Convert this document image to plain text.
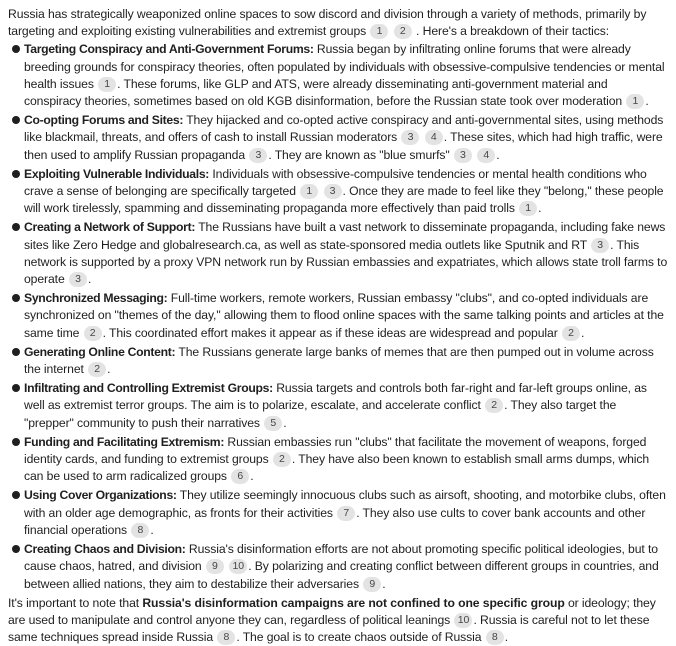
Russia has strategically weaponized online spaces to sow discord and division through a variety of methods, primarily by targeting and exploiting existing vulnerabilities and extremist groups 1 2 . Here's a breakdown of their tactics:

Targeting Conspiracy and Anti-Government Forums: Russia began by infiltrating online forums that were already breeding grounds for conspiracy theories, often populated by individuals with obsessive-compulsive tendencies or mental health issues 1 . These forums, like GLP and ATS, were already disseminating anti-government material and conspiracy theories, sometimes based on old KGB disinformation, before the Russian state took over moderation 1 .
Co-opting Forums and Sites: They hijacked and co-opted active conspiracy and anti-governmental sites, using methods like blackmail, threats, and offers of cash to install Russian moderators 3 4 . These sites, which had high traffic, were then used to amplify Russian propaganda 3 . They are known as "blue smurfs" 3 4 .
Exploiting Vulnerable Individuals: Individuals with obsessive-compulsive tendencies or mental health conditions who crave a sense of belonging are specifically targeted 1 3 . Once they are made to feel like they "belong," these people will work tirelessly, spamming and disseminating propaganda more effectively than paid trolls 1 .
Creating a Network of Support: The Russians have built a vast network to disseminate propaganda, including fake news sites like Zero Hedge and globalresearch.ca, as well as state-sponsored media outlets like Sputnik and RT 3 . This network is supported by a proxy VPN network run by Russian embassies and expatriates, which allows state troll farms to operate 3 .
Synchronized Messaging: Full-time workers, remote workers, Russian embassy "clubs", and co-opted individuals are synchronized on "themes of the day," allowing them to flood online spaces with the same talking points and articles at the same time 2 . This coordinated effort makes it appear as if these ideas are widespread and popular 2 .
Generating Online Content: The Russians generate large banks of memes that are then pumped out in volume across the internet 2 .
Infiltrating and Controlling Extremist Groups: Russia targets and controls both far-right and far-left groups online, as well as extremist terror groups. The aim is to polarize, escalate, and accelerate conflict 2 . They also target the "prepper" community to push their narratives 5 .
Funding and Facilitating Extremism: Russian embassies run "clubs" that facilitate the movement of weapons, forged identity cards, and funding to extremist groups 2 . They have also been known to establish small arms dumps, which can be used to arm radicalized groups 6 .
Using Cover Organizations: They utilize seemingly innocuous clubs such as airsoft, shooting, and motorbike clubs, often with an older age demographic, as fronts for their activities 7 . They also use cults to cover bank accounts and other financial operations 8 .
Creating Chaos and Division: Russia's disinformation efforts are not about promoting specific political ideologies, but to cause chaos, hatred, and division 9 10 . By polarizing and creating conflict between different groups in countries, and between allied nations, they aim to destabilize their adversaries 9 .

It's important to note that Russia's disinformation campaigns are not confined to one specific group or ideology; they are used to manipulate and control anyone they can, regardless of political leanings 10 . Russia is careful not to let these same techniques spread inside Russia 8 . The goal is to create chaos outside of Russia 8 .
